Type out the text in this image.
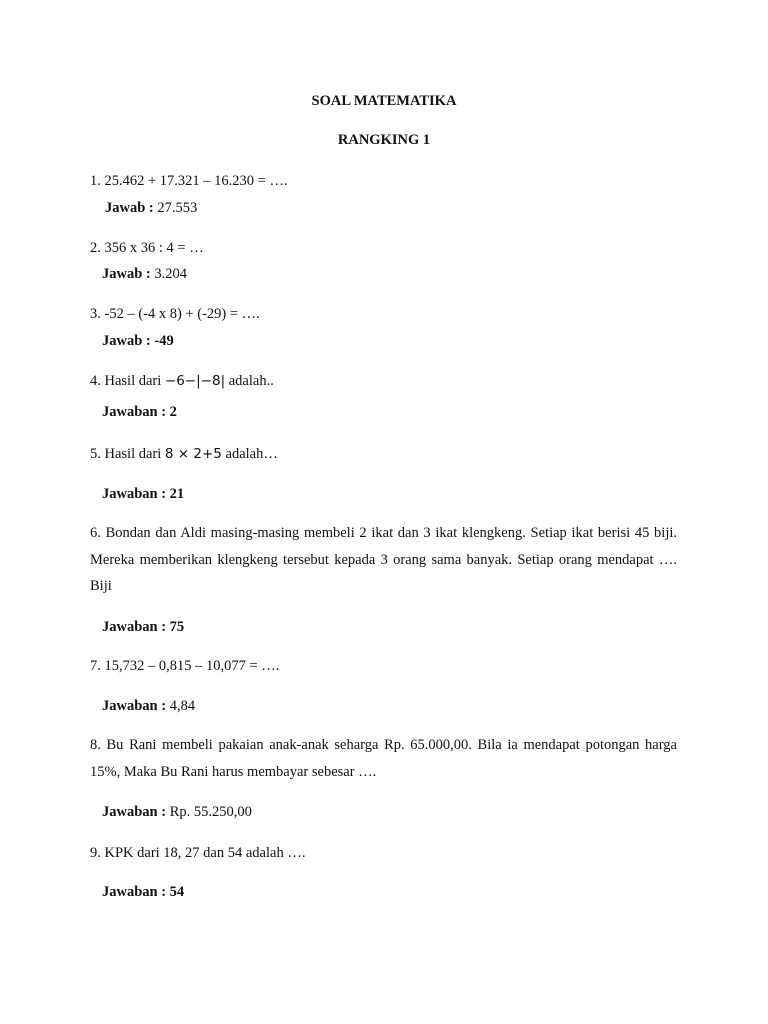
SOAL MATEMATIKA

RANGKING 1

1. 25.462 + 17.321 – 16.230 = ….

Jawab : 27.553

2. 356 x 36 : 4 = …

Jawab : 3.204

3. -52 – (-4 x 8) + (-29) = ….

Jawab : -49

4. Hasil dari −6−|−8| adalah..

Jawaban : 2

5. Hasil dari 8 × 2+5 adalah…

Jawaban : 21

6. Bondan dan Aldi masing-masing membeli 2 ikat dan 3 ikat klengkeng. Setiap ikat berisi 45 biji. Mereka memberikan klengkeng tersebut kepada 3 orang sama banyak. Setiap orang mendapat …. Biji

Jawaban : 75

7. 15,732 – 0,815 – 10,077 = ….

Jawaban : 4,84

8. Bu Rani membeli pakaian anak-anak seharga Rp. 65.000,00. Bila ia mendapat potongan harga 15%, Maka Bu Rani harus membayar sebesar ….

Jawaban : Rp. 55.250,00

9. KPK dari 18, 27 dan 54 adalah ….

Jawaban : 54
